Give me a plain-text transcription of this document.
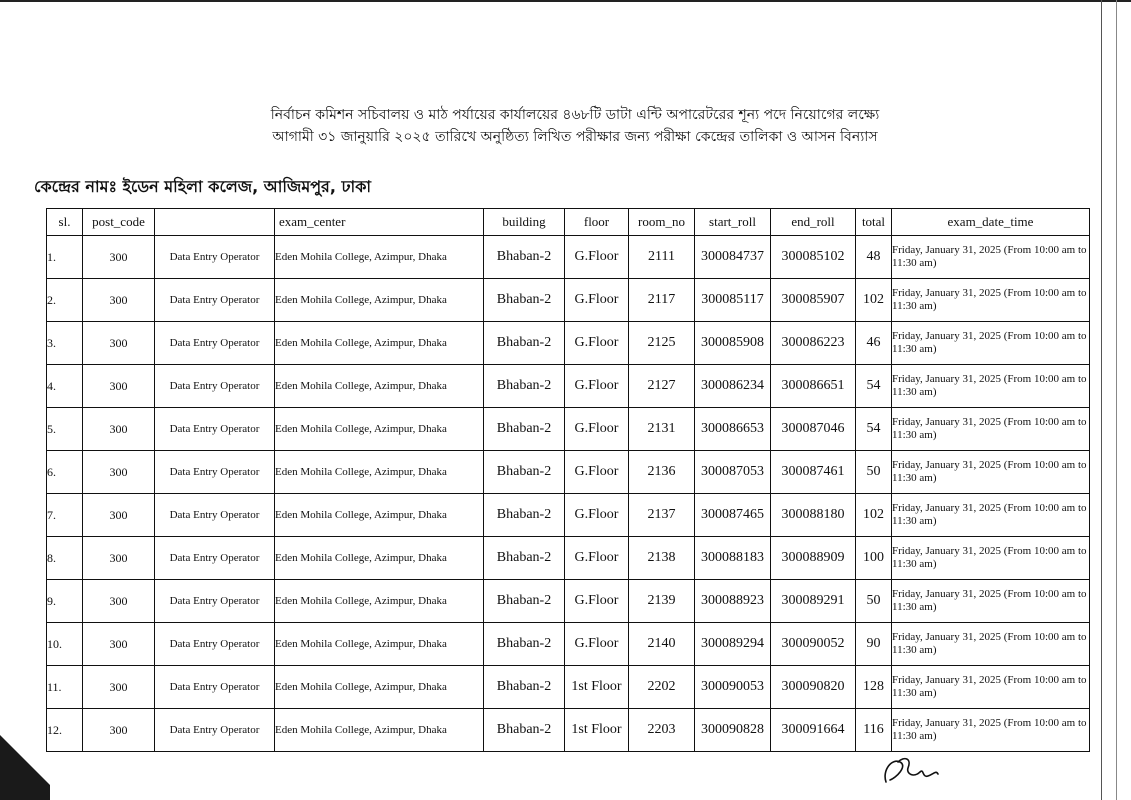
নির্বাচন কমিশন সচিবালয় ও মাঠ পর্যায়ের কার্যালয়ের ৪৬৮টি ডাটা এন্টি অপারেটরের শূন্য পদে নিয়োগের লক্ষ্যে
আগামী ৩১ জানুয়ারি ২০২৫ তারিখে অনুষ্ঠিত্য লিখিত পরীক্ষার জন্য পরীক্ষা কেন্দ্রের তালিকা ও আসন বিন্যাস
কেন্দ্রের নামঃ ইডেন মহিলা কলেজ, আজিমপুর, ঢাকা
sl.	post_code		exam_center	building	floor	room_no	start_roll	end_roll	total	exam_date_time
1.	300	Data Entry Operator	Eden Mohila College, Azimpur, Dhaka	Bhaban-2	G.Floor	2111	300084737	300085102	48	Friday, January 31, 2025 (From 10:00 am to 11:30 am)
2.	300	Data Entry Operator	Eden Mohila College, Azimpur, Dhaka	Bhaban-2	G.Floor	2117	300085117	300085907	102	Friday, January 31, 2025 (From 10:00 am to 11:30 am)
3.	300	Data Entry Operator	Eden Mohila College, Azimpur, Dhaka	Bhaban-2	G.Floor	2125	300085908	300086223	46	Friday, January 31, 2025 (From 10:00 am to 11:30 am)
4.	300	Data Entry Operator	Eden Mohila College, Azimpur, Dhaka	Bhaban-2	G.Floor	2127	300086234	300086651	54	Friday, January 31, 2025 (From 10:00 am to 11:30 am)
5.	300	Data Entry Operator	Eden Mohila College, Azimpur, Dhaka	Bhaban-2	G.Floor	2131	300086653	300087046	54	Friday, January 31, 2025 (From 10:00 am to 11:30 am)
6.	300	Data Entry Operator	Eden Mohila College, Azimpur, Dhaka	Bhaban-2	G.Floor	2136	300087053	300087461	50	Friday, January 31, 2025 (From 10:00 am to 11:30 am)
7.	300	Data Entry Operator	Eden Mohila College, Azimpur, Dhaka	Bhaban-2	G.Floor	2137	300087465	300088180	102	Friday, January 31, 2025 (From 10:00 am to 11:30 am)
8.	300	Data Entry Operator	Eden Mohila College, Azimpur, Dhaka	Bhaban-2	G.Floor	2138	300088183	300088909	100	Friday, January 31, 2025 (From 10:00 am to 11:30 am)
9.	300	Data Entry Operator	Eden Mohila College, Azimpur, Dhaka	Bhaban-2	G.Floor	2139	300088923	300089291	50	Friday, January 31, 2025 (From 10:00 am to 11:30 am)
10.	300	Data Entry Operator	Eden Mohila College, Azimpur, Dhaka	Bhaban-2	G.Floor	2140	300089294	300090052	90	Friday, January 31, 2025 (From 10:00 am to 11:30 am)
11.	300	Data Entry Operator	Eden Mohila College, Azimpur, Dhaka	Bhaban-2	1st Floor	2202	300090053	300090820	128	Friday, January 31, 2025 (From 10:00 am to 11:30 am)
12.	300	Data Entry Operator	Eden Mohila College, Azimpur, Dhaka	Bhaban-2	1st Floor	2203	300090828	300091664	116	Friday, January 31, 2025 (From 10:00 am to 11:30 am)
